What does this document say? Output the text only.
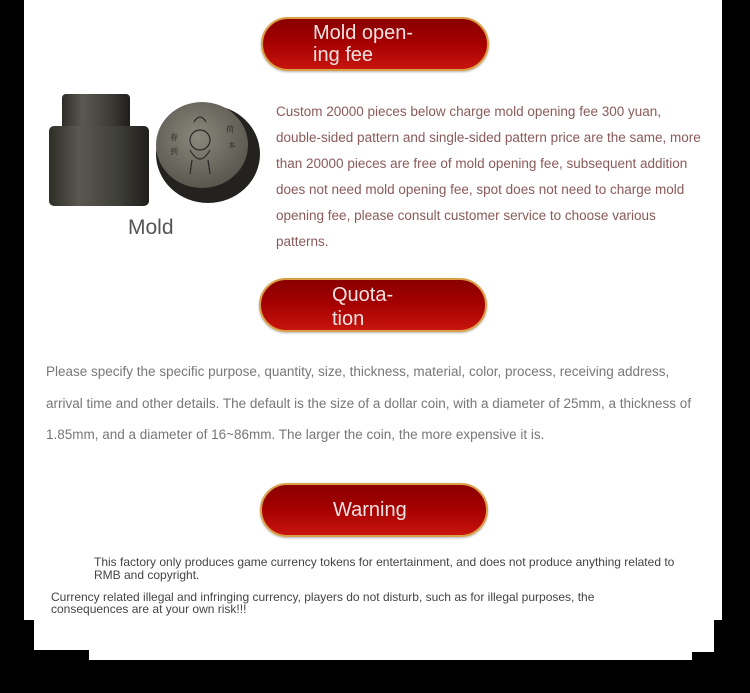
Mold open-
ing fee
春
到
荷
本
Mold
Custom 20000 pieces below charge mold opening fee 300 yuan, double-sided pattern and single-sided pattern price are the same, more than 20000 pieces are free of mold opening fee, subsequent addition does not need mold opening fee, spot does not need to charge mold opening fee, please consult customer service to choose various patterns.
Quota-
tion
Please specify the specific purpose, quantity, size, thickness, material, color, process, receiving address, arrival time and other details. The default is the size of a dollar coin, with a diameter of 25mm, a thickness of 1.85mm, and a diameter of 16~86mm. The larger the coin, the more expensive it is.
Warning
This factory only produces game currency tokens for entertainment, and does not produce anything related to RMB and copyright.
Currency related illegal and infringing currency, players do not disturb, such as for illegal purposes, the consequences are at your own risk!!!
